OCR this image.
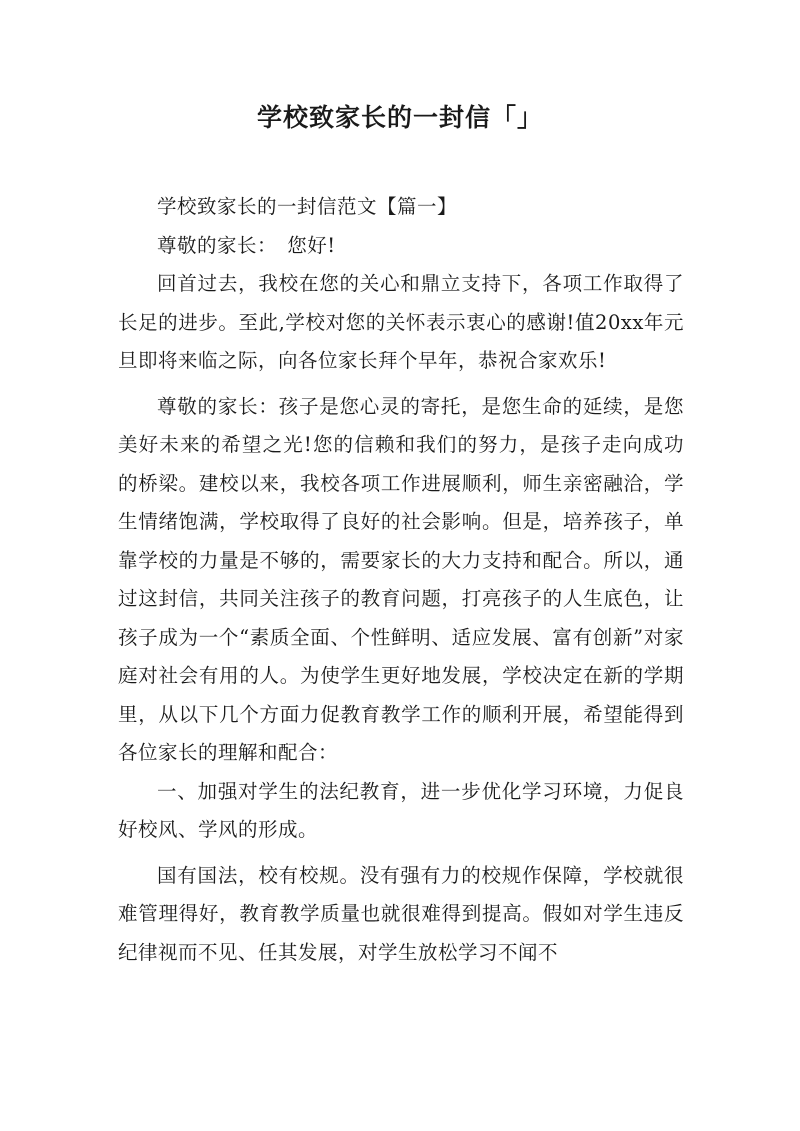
学校致家长的一封信「」

学校致家长的一封信范文【篇一】

尊敬的家长：　您好!

回首过去，我校在您的关心和鼎立支持下，各项工作取得了长足的进步。至此,学校对您的关怀表示衷心的感谢!值20xx年元旦即将来临之际，向各位家长拜个早年，恭祝合家欢乐!

尊敬的家长：孩子是您心灵的寄托，是您生命的延续，是您美好未来的希望之光!您的信赖和我们的努力，是孩子走向成功的桥梁。建校以来，我校各项工作进展顺利，师生亲密融洽，学生情绪饱满，学校取得了良好的社会影响。但是，培养孩子，单靠学校的力量是不够的，需要家长的大力支持和配合。所以，通过这封信，共同关注孩子的教育问题，打亮孩子的人生底色，让孩子成为一个“素质全面、个性鲜明、适应发展、富有创新”对家庭对社会有用的人。为使学生更好地发展，学校决定在新的学期里，从以下几个方面力促教育教学工作的顺利开展，希望能得到各位家长的理解和配合：

一、加强对学生的法纪教育，进一步优化学习环境，力促良好校风、学风的形成。

国有国法，校有校规。没有强有力的校规作保障，学校就很难管理得好，教育教学质量也就很难得到提高。假如对学生违反纪律视而不见、任其发展，对学生放松学习不闻不
